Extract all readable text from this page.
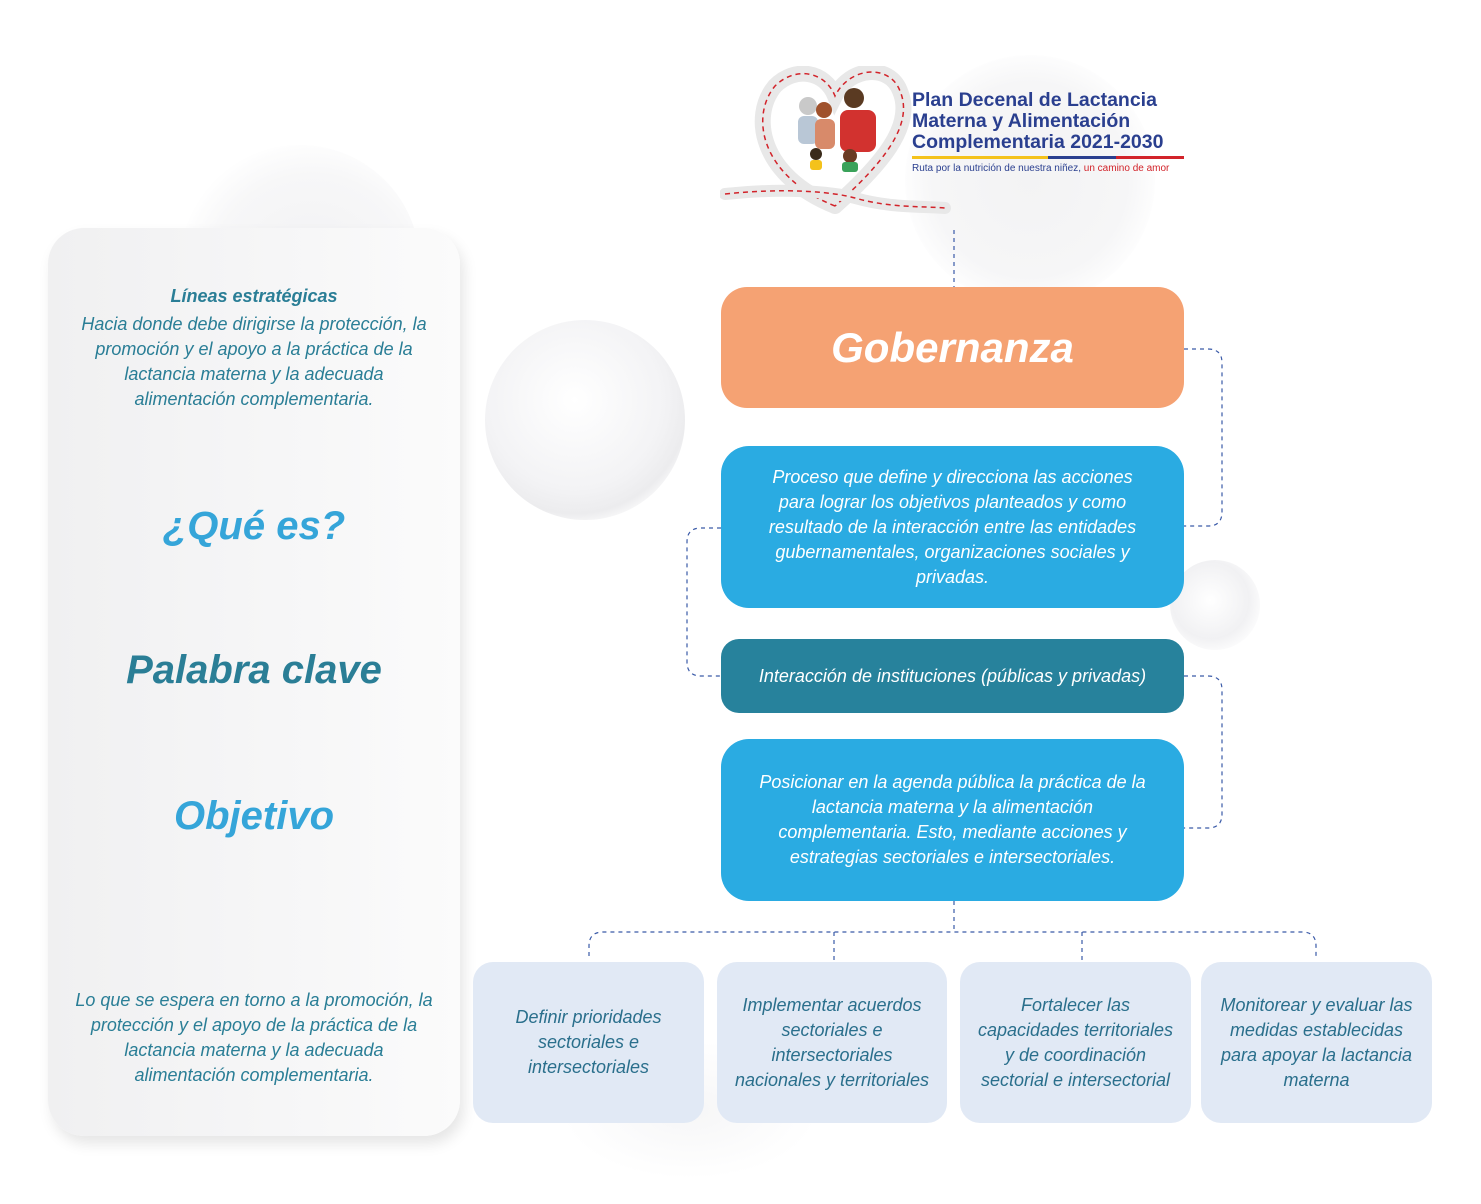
Líneas estratégicas
Hacia donde debe dirigirse la protección, la promoción y el apoyo a la práctica de la lactancia materna y la adecuada alimentación complementaria.
¿Qué es?
Palabra clave
Objetivo
Lo que se espera en torno a la promoción, la protección y el apoyo de la práctica de la lactancia materna y la adecuada alimentación complementaria.
Plan Decenal de Lactancia
Materna y Alimentación
Complementaria 2021-2030
Ruta por la nutrición de nuestra niñez, un camino de amor
Gobernanza
Proceso que define y direcciona las acciones para lograr los objetivos planteados y como resultado de la interacción entre las entidades gubernamentales, organizaciones sociales y privadas.
Interacción de instituciones (públicas y privadas)
Posicionar en la agenda pública la práctica de la lactancia materna y la alimentación complementaria. Esto, mediante acciones y estrategias sectoriales e intersectoriales.
Definir prioridades sectoriales e intersectoriales
Implementar acuerdos sectoriales e intersectoriales nacionales y territoriales
Fortalecer las capacidades territoriales y de coordinación sectorial e intersectorial
Monitorear y evaluar las medidas establecidas para apoyar la lactancia materna
